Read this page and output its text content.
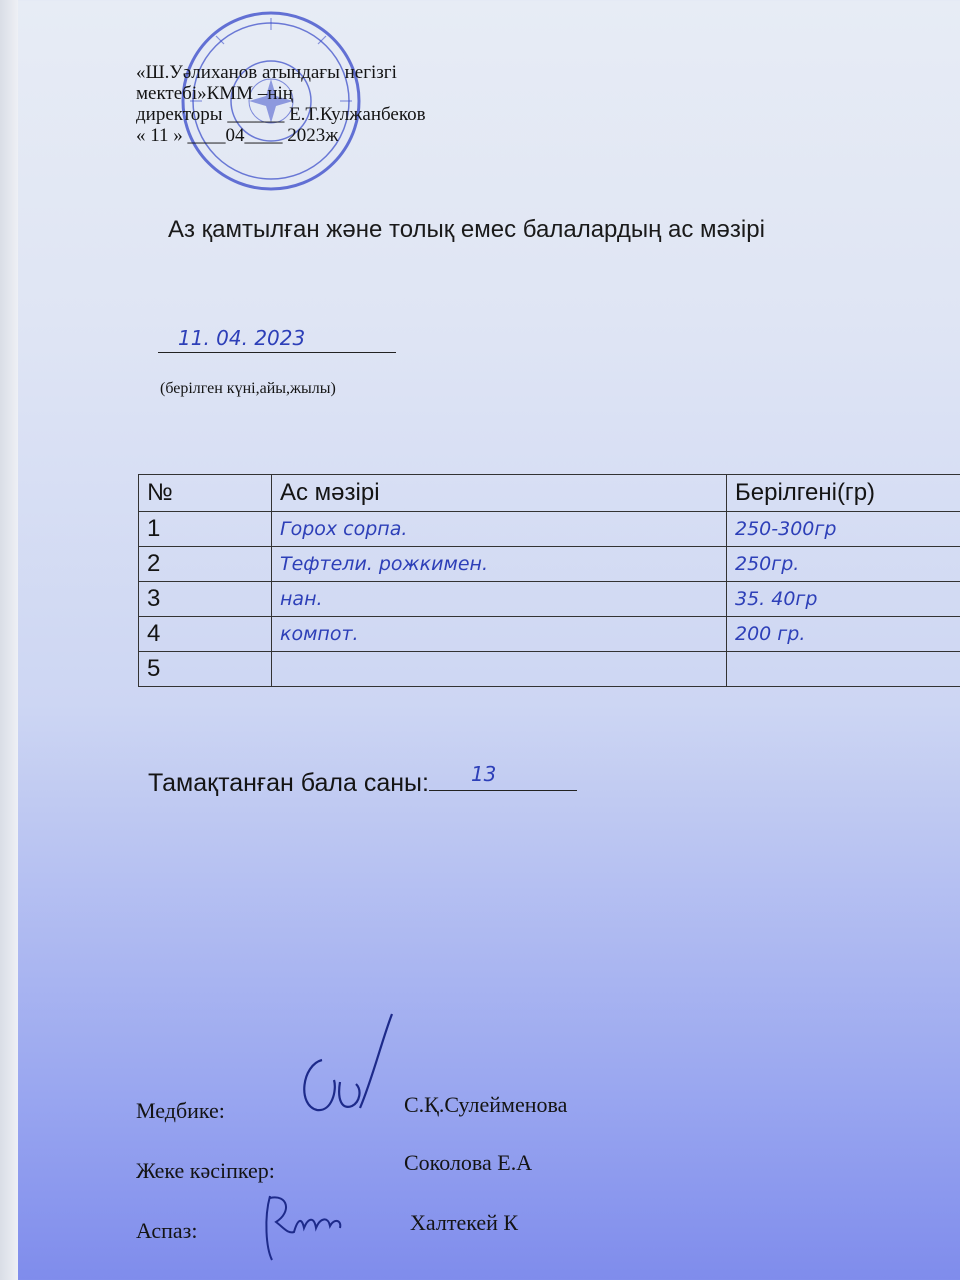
«Ш.Уәлиханов атындағы негізгі
мектебі»КММ –нің
директоры ______ Е.Т.Кулжанбеков
« 11 » ____04____ 2023ж
Аз қамтылған және толық емес балалардың ас мәзірі
11. 04. 2023
(берілген күні,айы,жылы)
№	Ас мәзірі	Берілгені(гр)
1	Горох сорпа.	250-300гр
2	Тефтели. рожкимен.	250гр.
3	нан.	35. 40гр
4	компот.	200 гр.
5		
Тамақтанған бала саны: 13
Медбике:	С.Қ.Сулейменова
Жеке кәсіпкер:	Соколова Е.А
Аспаз:	Халтекей К
